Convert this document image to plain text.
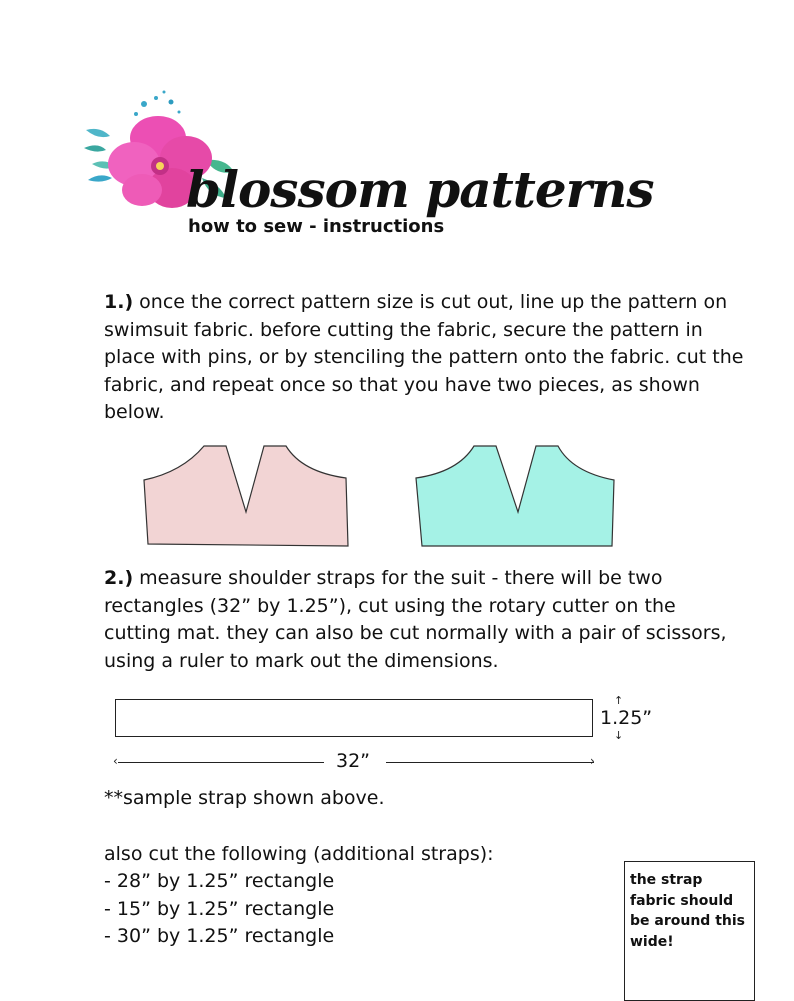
blossom patterns
how to sew - instructions
1.) once the correct pattern size is cut out, line up the pattern on swimsuit fabric. before cutting the fabric, secure the pattern in place with pins, or by stenciling the pattern onto the fabric. cut the fabric, and repeat once so that you have two pieces, as shown below.
2.) measure shoulder straps for the suit - there will be two rectangles (32” by 1.25”), cut using the rotary cutter on the cutting mat. they can also be cut normally with a pair of scissors, using a ruler to mark out the dimensions.
↑
1.25”
↓
‹	32”	›
**sample strap shown above.
also cut the following (additional straps):
- 28” by 1.25” rectangle
- 15” by 1.25” rectangle
- 30” by 1.25” rectangle
the strap fabric should be around this wide!
